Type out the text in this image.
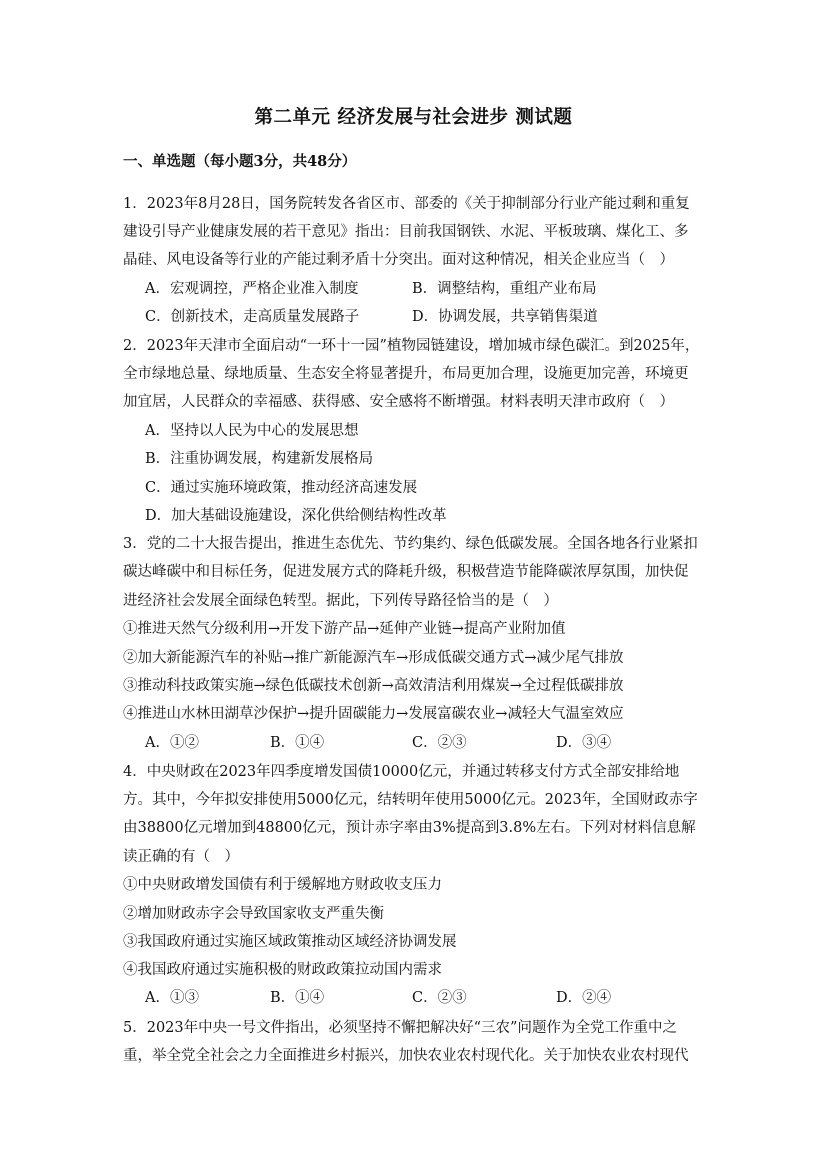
第二单元 经济发展与社会进步 测试题
一、单选题（每小题3分，共48分）
1．2023年8月28日，国务院转发各省区市、部委的《关于抑制部分行业产能过剩和重复
建设引导产业健康发展的若干意见》指出：目前我国钢铁、水泥、平板玻璃、煤化工、多
晶硅、风电设备等行业的产能过剩矛盾十分突出。面对这种情况，相关企业应当（　）
A．宏观调控，严格企业准入制度	B．调整结构，重组产业布局
C．创新技术，走高质量发展路子	D．协调发展，共享销售渠道
2．2023年天津市全面启动“一环十一园”植物园链建设，增加城市绿色碳汇。到2025年，
全市绿地总量、绿地质量、生态安全将显著提升，布局更加合理，设施更加完善，环境更
加宜居，人民群众的幸福感、获得感、安全感将不断增强。材料表明天津市政府（　）
A．坚持以人民为中心的发展思想
B．注重协调发展，构建新发展格局
C．通过实施环境政策，推动经济高速发展
D．加大基础设施建设，深化供给侧结构性改革
3．党的二十大报告提出，推进生态优先、节约集约、绿色低碳发展。全国各地各行业紧扣
碳达峰碳中和目标任务，促进发展方式的降耗升级，积极营造节能降碳浓厚氛围，加快促
进经济社会发展全面绿色转型。据此，下列传导路径恰当的是（　）
①推进天然气分级利用→开发下游产品→延伸产业链→提高产业附加值
②加大新能源汽车的补贴→推广新能源汽车→形成低碳交通方式→减少尾气排放
③推动科技政策实施→绿色低碳技术创新→高效清洁利用煤炭→全过程低碳排放
④推进山水林田湖草沙保护→提升固碳能力→发展富碳农业→减轻大气温室效应
A．①②	B．①④	C．②③	D．③④
4．中央财政在2023年四季度增发国债10000亿元，并通过转移支付方式全部安排给地
方。其中，今年拟安排使用5000亿元，结转明年使用5000亿元。2023年，全国财政赤字
由38800亿元增加到48800亿元，预计赤字率由3%提高到3.8%左右。下列对材料信息解
读正确的有（　）
①中央财政增发国债有利于缓解地方财政收支压力
②增加财政赤字会导致国家收支严重失衡
③我国政府通过实施区域政策推动区域经济协调发展
④我国政府通过实施积极的财政政策拉动国内需求
A．①③	B．①④	C．②③	D．②④
5．2023年中央一号文件指出，必须坚持不懈把解决好“三农”问题作为全党工作重中之
重，举全党全社会之力全面推进乡村振兴，加快农业农村现代化。关于加快农业农村现代
